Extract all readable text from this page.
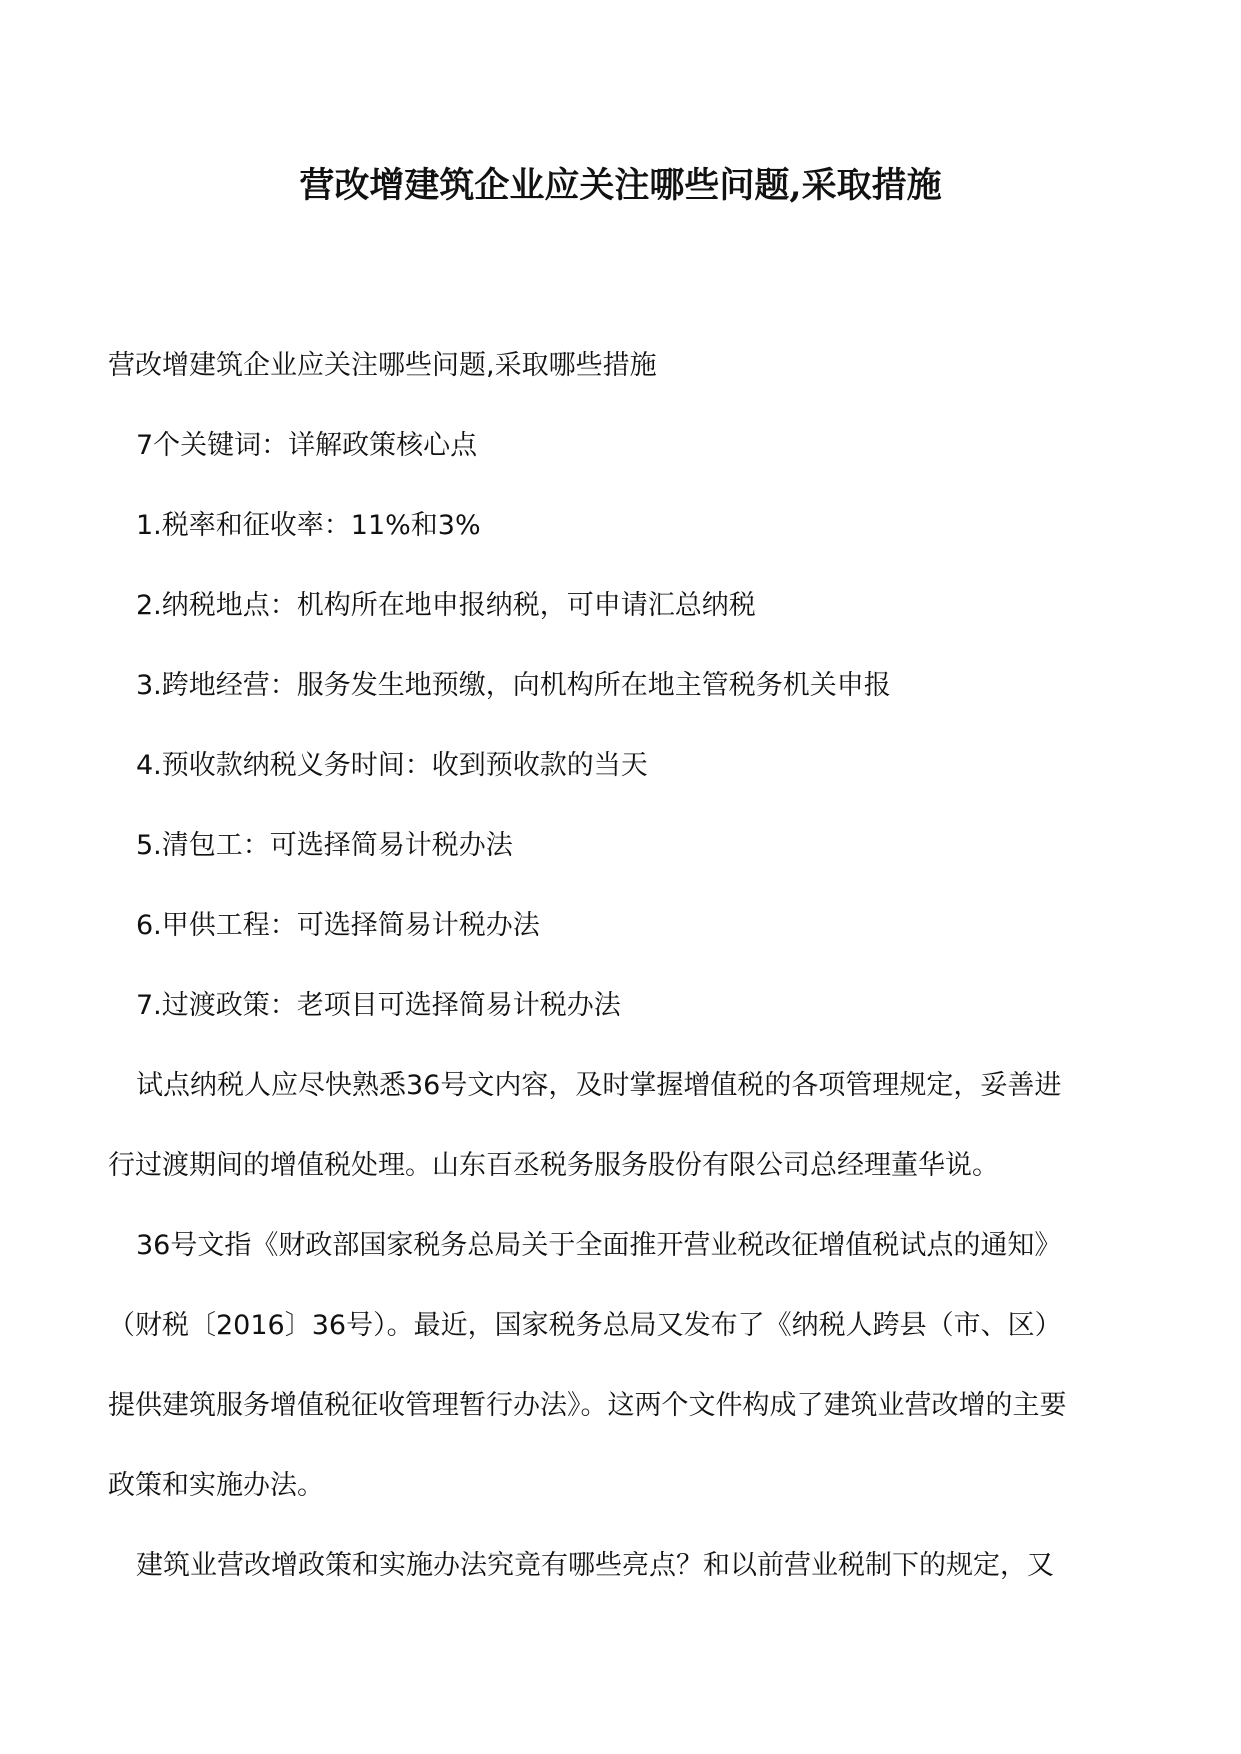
营改增建筑企业应关注哪些问题,采取措施
营改增建筑企业应关注哪些问题,采取哪些措施
7个关键词：详解政策核心点
1.税率和征收率：11%和3%
2.纳税地点：机构所在地申报纳税，可申请汇总纳税
3.跨地经营：服务发生地预缴，向机构所在地主管税务机关申报
4.预收款纳税义务时间：收到预收款的当天
5.清包工：可选择简易计税办法
6.甲供工程：可选择简易计税办法
7.过渡政策：老项目可选择简易计税办法
试点纳税人应尽快熟悉36号文内容，及时掌握增值税的各项管理规定，妥善进
行过渡期间的增值税处理。山东百丞税务服务股份有限公司总经理董华说。
36号文指《财政部国家税务总局关于全面推开营业税改征增值税试点的通知》
（财税〔2016〕36号）。最近，国家税务总局又发布了《纳税人跨县（市、区）
提供建筑服务增值税征收管理暂行办法》。这两个文件构成了建筑业营改增的主要
政策和实施办法。
建筑业营改增政策和实施办法究竟有哪些亮点？和以前营业税制下的规定，又
